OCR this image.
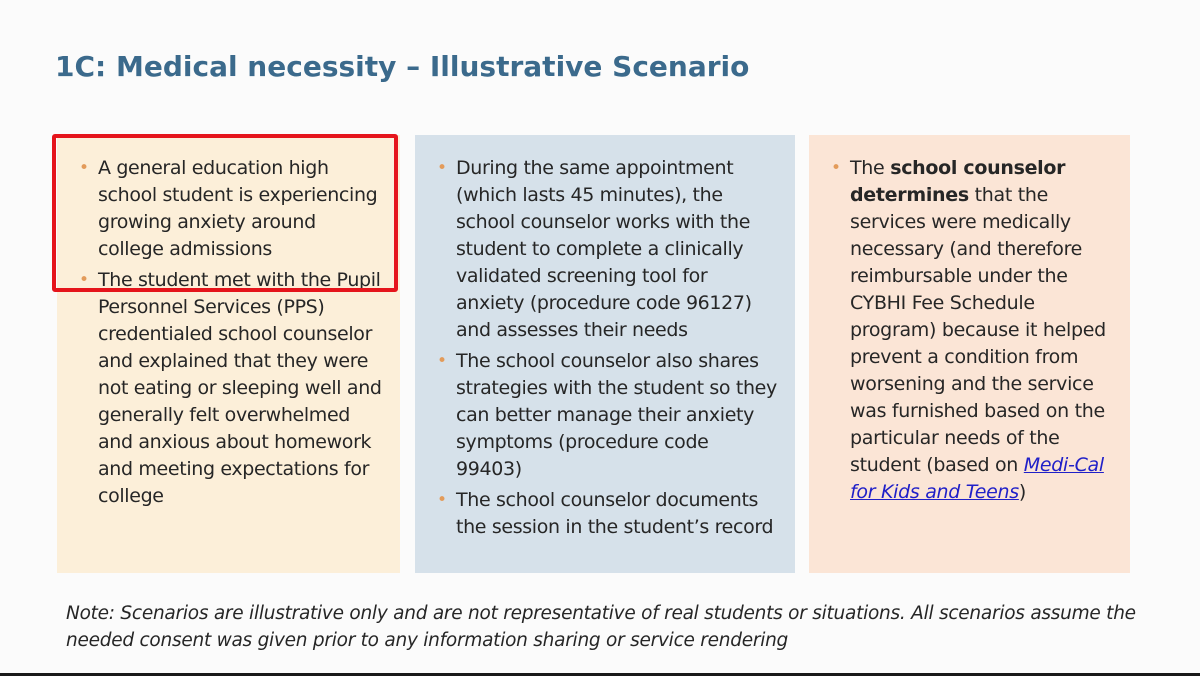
1C: Medical necessity – Illustrative Scenario
• A general education high school student is experiencing growing anxiety around college admissions
• The student met with the Pupil Personnel Services (PPS) credentialed school counselor and explained that they were not eating or sleeping well and generally felt overwhelmed and anxious about homework and meeting expectations for college
• During the same appointment (which lasts 45 minutes), the school counselor works with the student to complete a clinically validated screening tool for anxiety (procedure code 96127) and assesses their needs
• The school counselor also shares strategies with the student so they can better manage their anxiety symptoms (procedure code 99403)
• The school counselor documents the session in the student’s record
• The school counselor determines that the services were medically necessary (and therefore reimbursable under the CYBHI Fee Schedule program) because it helped prevent a condition from worsening and the service was furnished based on the particular needs of the student (based on Medi-Cal for Kids and Teens)
Note: Scenarios are illustrative only and are not representative of real students or situations. All scenarios assume the needed consent was given prior to any information sharing or service rendering
